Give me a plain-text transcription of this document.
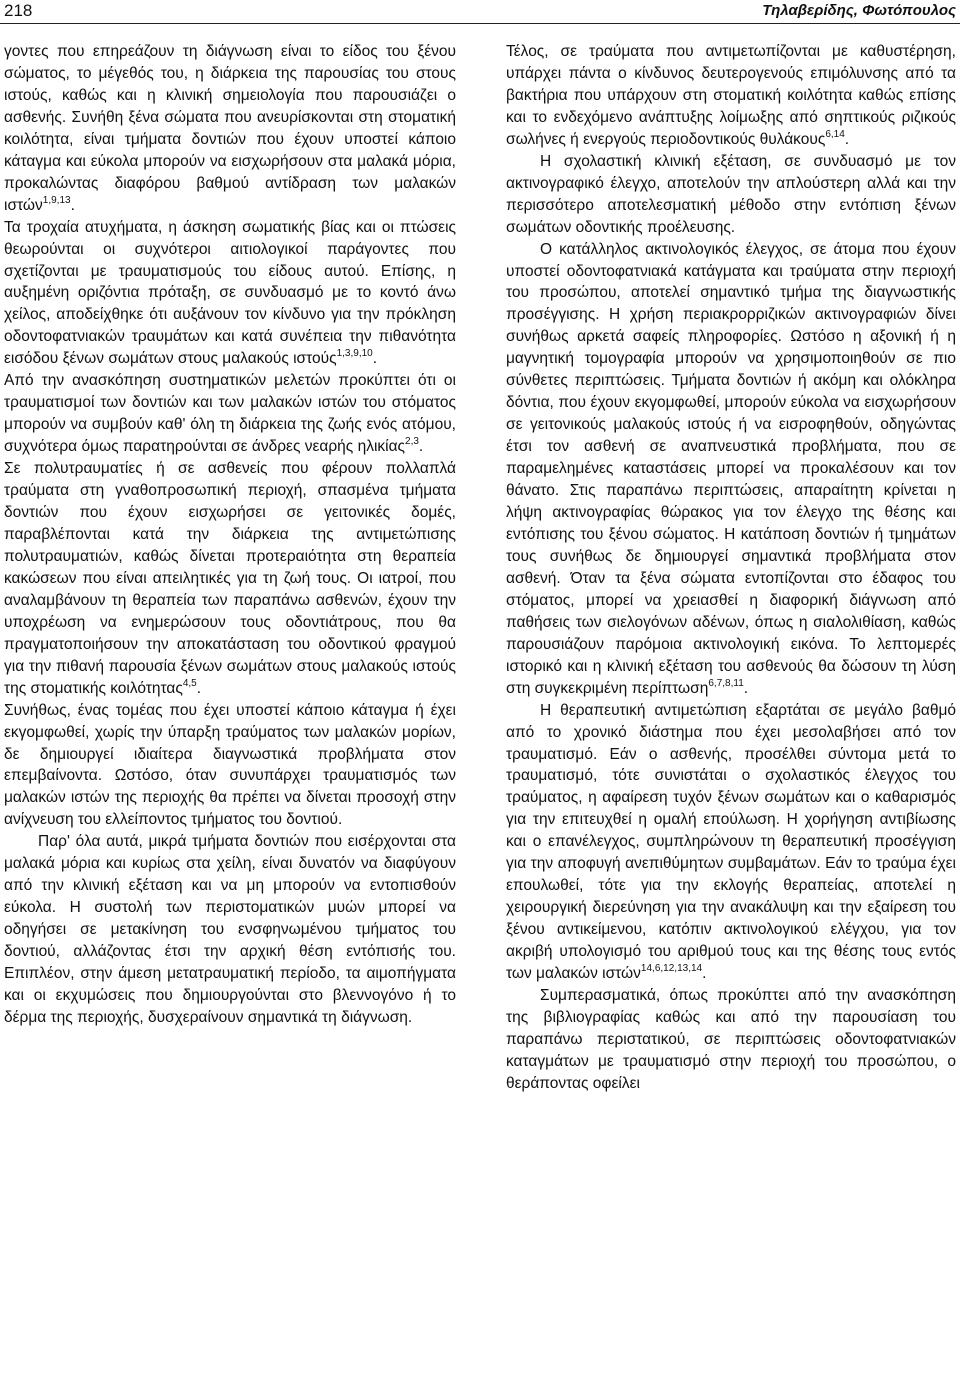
218	Τηλαβερίδης, Φωτόπουλος

γοντες που επηρεάζουν τη διάγνωση είναι το είδος του ξένου σώματος, το μέγεθός του, η διάρκεια της παρουσίας του στους ιστούς, καθώς και η κλινική σημειολογία που παρουσιάζει ο ασθενής. Συνήθη ξένα σώματα που ανευρίσκονται στη στοματική κοιλότητα, είναι τμήματα δοντιών που έχουν υποστεί κάποιο κάταγμα και εύκολα μπορούν να εισχωρήσουν στα μαλακά μόρια, προκαλώντας διαφόρου βαθμού αντίδραση των μαλακών ιστών$^{1,9,13}$.

Τα τροχαία ατυχήματα, η άσκηση σωματικής βίας και οι πτώσεις θεωρούνται οι συχνότεροι αιτιολογικοί παράγοντες που σχετίζονται με τραυματισμούς του είδους αυτού. Επίσης, η αυξημένη οριζόντια πρόταξη, σε συνδυασμό με το κοντό άνω χείλος, αποδείχθηκε ότι αυξάνουν τον κίνδυνο για την πρόκληση οδοντοφατνιακών τραυμάτων και κατά συνέπεια την πιθανότητα εισόδου ξένων σωμάτων στους μαλακούς ιστούς$^{1,3,9,10}$.

Από την ανασκόπηση συστηματικών μελετών προκύπτει ότι οι τραυματισμοί των δοντιών και των μαλακών ιστών του στόματος μπορούν να συμβούν καθ' όλη τη διάρκεια της ζωής ενός ατόμου, συχνότερα όμως παρατηρούνται σε άνδρες νεαρής ηλικίας$^{2,3}$.

Σε πολυτραυματίες ή σε ασθενείς που φέρουν πολλαπλά τραύματα στη γναθοπροσωπική περιοχή, σπασμένα τμήματα δοντιών που έχουν εισχωρήσει σε γειτονικές δομές, παραβλέπονται κατά την διάρκεια της αντιμετώπισης πολυτραυματιών, καθώς δίνεται προτεραιότητα στη θεραπεία κακώσεων που είναι απειλητικές για τη ζωή τους. Οι ιατροί, που αναλαμβάνουν τη θεραπεία των παραπάνω ασθενών, έχουν την υποχρέωση να ενημερώσουν τους οδοντιάτρους, που θα πραγματοποιήσουν την αποκατάσταση του οδοντικού φραγμού για την πιθανή παρουσία ξένων σωμάτων στους μαλακούς ιστούς της στοματικής κοιλότητας$^{4,5}$.

Συνήθως, ένας τομέας που έχει υποστεί κάποιο κάταγμα ή έχει εκγομφωθεί, χωρίς την ύπαρξη τραύματος των μαλακών μορίων, δε δημιουργεί ιδιαίτερα διαγνωστικά προβλήματα στον επεμβαίνοντα. Ωστόσο, όταν συνυπάρχει τραυματισμός των μαλακών ιστών της περιοχής θα πρέπει να δίνεται προσοχή στην ανίχνευση του ελλείποντος τμήματος του δοντιού.

Παρ' όλα αυτά, μικρά τμήματα δοντιών που εισέρχονται στα μαλακά μόρια και κυρίως στα χείλη, είναι δυνατόν να διαφύγουν από την κλινική εξέταση και να μη μπορούν να εντοπισθούν εύκολα. Η συστολή των περιστοματικών μυών μπορεί να οδηγήσει σε μετακίνηση του ενσφηνωμένου τμήματος του δοντιού, αλλάζοντας έτσι την αρχική θέση εντόπισής του. Επιπλέον, στην άμεση μετατραυματική περίοδο, τα αιμοπήγματα και οι εκχυμώσεις που δημιουργούνται στο βλεννογόνο ή το δέρμα της περιοχής, δυσχεραίνουν σημαντικά τη διάγνωση.

Τέλος, σε τραύματα που αντιμετωπίζονται με καθυστέρηση, υπάρχει πάντα ο κίνδυνος δευτερογενούς επιμόλυνσης από τα βακτήρια που υπάρχουν στη στοματική κοιλότητα καθώς επίσης και το ενδεχόμενο ανάπτυξης λοίμωξης από σηπτικούς ριζικούς σωλήνες ή ενεργούς περιοδοντικούς θυλάκους$^{6,14}$.

Η σχολαστική κλινική εξέταση, σε συνδυασμό με τον ακτινογραφικό έλεγχο, αποτελούν την απλούστερη αλλά και την περισσότερο αποτελεσματική μέθοδο στην εντόπιση ξένων σωμάτων οδοντικής προέλευσης.

Ο κατάλληλος ακτινολογικός έλεγχος, σε άτομα που έχουν υποστεί οδοντοφατνιακά κατάγματα και τραύματα στην περιοχή του προσώπου, αποτελεί σημαντικό τμήμα της διαγνωστικής προσέγγισης. Η χρήση περιακρορριζικών ακτινογραφιών δίνει συνήθως αρκετά σαφείς πληροφορίες. Ωστόσο η αξονική ή η μαγνητική τομογραφία μπορούν να χρησιμοποιηθούν σε πιο σύνθετες περιπτώσεις. Τμήματα δοντιών ή ακόμη και ολόκληρα δόντια, που έχουν εκγομφωθεί, μπορούν εύκολα να εισχωρήσουν σε γειτονικούς μαλακούς ιστούς ή να εισροφηθούν, οδηγώντας έτσι τον ασθενή σε αναπνευστικά προβλήματα, που σε παραμελημένες καταστάσεις μπορεί να προκαλέσουν και τον θάνατο. Στις παραπάνω περιπτώσεις, απαραίτητη κρίνεται η λήψη ακτινογραφίας θώρακος για τον έλεγχο της θέσης και εντόπισης του ξένου σώματος. Η κατάποση δοντιών ή τμημάτων τους συνήθως δε δημιουργεί σημαντικά προβλήματα στον ασθενή. Όταν τα ξένα σώματα εντοπίζονται στο έδαφος του στόματος, μπορεί να χρειασθεί η διαφορική διάγνωση από παθήσεις των σιελογόνων αδένων, όπως η σιαλολιθίαση, καθώς παρουσιάζουν παρόμοια ακτινολογική εικόνα. Το λεπτομερές ιστορικό και η κλινική εξέταση του ασθενούς θα δώσουν τη λύση στη συγκεκριμένη περίπτωση$^{6,7,8,11}$.

Η θεραπευτική αντιμετώπιση εξαρτάται σε μεγάλο βαθμό από το χρονικό διάστημα που έχει μεσολαβήσει από τον τραυματισμό. Εάν ο ασθενής, προσέλθει σύντομα μετά το τραυματισμό, τότε συνιστάται ο σχολαστικός έλεγχος του τραύματος, η αφαίρεση τυχόν ξένων σωμάτων και ο καθαρισμός για την επιτευχθεί η ομαλή επούλωση. Η χορήγηση αντιβίωσης και ο επανέλεγχος, συμπληρώνουν τη θεραπευτική προσέγγιση για την αποφυγή ανεπιθύμητων συμβαμάτων. Εάν το τραύμα έχει επουλωθεί, τότε για την εκλογής θεραπείας, αποτελεί η χειρουργική διερεύνηση για την ανακάλυψη και την εξαίρεση του ξένου αντικείμενου, κατόπιν ακτινολογικού ελέγχου, για τον ακριβή υπολογισμό του αριθμού τους και της θέσης τους εντός των μαλακών ιστών$^{14,6,12,13,14}$.

Συμπερασματικά, όπως προκύπτει από την ανασκόπηση της βιβλιογραφίας καθώς και από την παρουσίαση του παραπάνω περιστατικού, σε περιπτώσεις οδοντοφατνιακών καταγμάτων με τραυματισμό στην περιοχή του προσώπου, ο θεράποντας οφείλει
